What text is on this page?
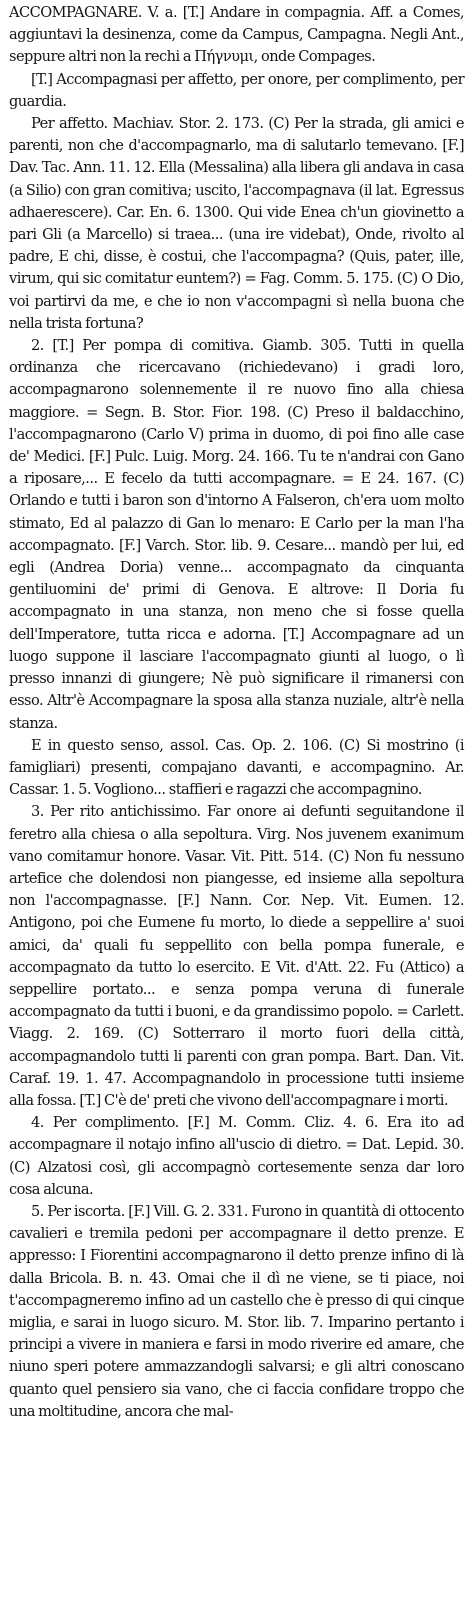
ACCOMPAGNARE. V. a. [T.] Andare in compagnia. Aff. a Comes, aggiuntavi la desinenza, come da Campus, Campagna. Negli Ant., seppure altri non la rechi a Πήγνυμι, onde Compages.

[T.] Accompagnasi per affetto, per onore, per complimento, per guardia.

Per affetto. Machiav. Stor. 2. 173. (C) Per la strada, gli amici e parenti, non che d'accompagnarlo, ma di salutarlo temevano. [F.] Dav. Tac. Ann. 11. 12. Ella (Messalina) alla libera gli andava in casa (a Silio) con gran comitiva; uscito, l'accompagnava (il lat. Egressus adhaerescere). Car. En. 6. 1300. Qui vide Enea ch'un giovinetto a pari Gli (a Marcello) si traea... (una ire videbat), Onde, rivolto al padre, E chi, disse, è costui, che l'accompagna? (Quis, pater, ille, virum, qui sic comitatur euntem?) = Fag. Comm. 5. 175. (C) O Dio, voi partirvi da me, e che io non v'accompagni sì nella buona che nella trista fortuna?

2. [T.] Per pompa di comitiva. Giamb. 305. Tutti in quella ordinanza che ricercavano (richiedevano) i gradi loro, accompagnarono solennemente il re nuovo fino alla chiesa maggiore. = Segn. B. Stor. Fior. 198. (C) Preso il baldacchino, l'accompagnarono (Carlo V) prima in duomo, di poi fino alle case de' Medici. [F.] Pulc. Luig. Morg. 24. 166. Tu te n'andrai con Gano a riposare,... E fecelo da tutti accompagnare. = E 24. 167. (C) Orlando e tutti i baron son d'intorno A Falseron, ch'era uom molto stimato, Ed al palazzo di Gan lo menaro: E Carlo per la man l'ha accompagnato. [F.] Varch. Stor. lib. 9. Cesare... mandò per lui, ed egli (Andrea Doria) venne... accompagnato da cinquanta gentiluomini de' primi di Genova. E altrove: Il Doria fu accompagnato in una stanza, non meno che si fosse quella dell'Imperatore, tutta ricca e adorna. [T.] Accompagnare ad un luogo suppone il lasciare l'accompagnato giunti al luogo, o lì presso innanzi di giungere; Nè può significare il rimanersi con esso. Altr'è Accompagnare la sposa alla stanza nuziale, altr'è nella stanza.

E in questo senso, assol. Cas. Op. 2. 106. (C) Si mostrino (i famigliari) presenti, compajano davanti, e accompagnino. Ar. Cassar. 1. 5. Vogliono... staffieri e ragazzi che accompagnino.

3. Per rito antichissimo. Far onore ai defunti seguitandone il feretro alla chiesa o alla sepoltura. Virg. Nos juvenem exanimum vano comitamur honore. Vasar. Vit. Pitt. 514. (C) Non fu nessuno artefice che dolendosi non piangesse, ed insieme alla sepoltura non l'accompagnasse. [F.] Nann. Cor. Nep. Vit. Eumen. 12. Antigono, poi che Eumene fu morto, lo diede a seppellire a' suoi amici, da' quali fu seppellito con bella pompa funerale, e accompagnato da tutto lo esercito. E Vit. d'Att. 22. Fu (Attico) a seppellire portato... e senza pompa veruna di funerale accompagnato da tutti i buoni, e da grandissimo popolo. = Carlett. Viagg. 2. 169. (C) Sotterraro il morto fuori della città, accompagnandolo tutti li parenti con gran pompa. Bart. Dan. Vit. Caraf. 19. 1. 47. Accompagnandolo in processione tutti insieme alla fossa. [T.] C'è de' preti che vivono dell'accompagnare i morti.

4. Per complimento. [F.] M. Comm. Cliz. 4. 6. Era ito ad accompagnare il notajo infino all'uscio di dietro. = Dat. Lepid. 30. (C) Alzatosi così, gli accompagnò cortesemente senza dar loro cosa alcuna.

5. Per iscorta. [F.] Vill. G. 2. 331. Furono in quantità di ottocento cavalieri e tremila pedoni per accompagnare il detto prenze. E appresso: I Fiorentini accompagnarono il detto prenze infino di là dalla Bricola. B. n. 43. Omai che il dì ne viene, se ti piace, noi t'accompagneremo infino ad un castello che è presso di qui cinque miglia, e sarai in luogo sicuro. M. Stor. lib. 7. Imparino pertanto i principi a vivere in maniera e farsi in modo riverire ed amare, che niuno speri potere ammazzandogli salvarsi; e gli altri conoscano quanto quel pensiero sia vano, che ci faccia confidare troppo che una moltitudine, ancora che mal-
